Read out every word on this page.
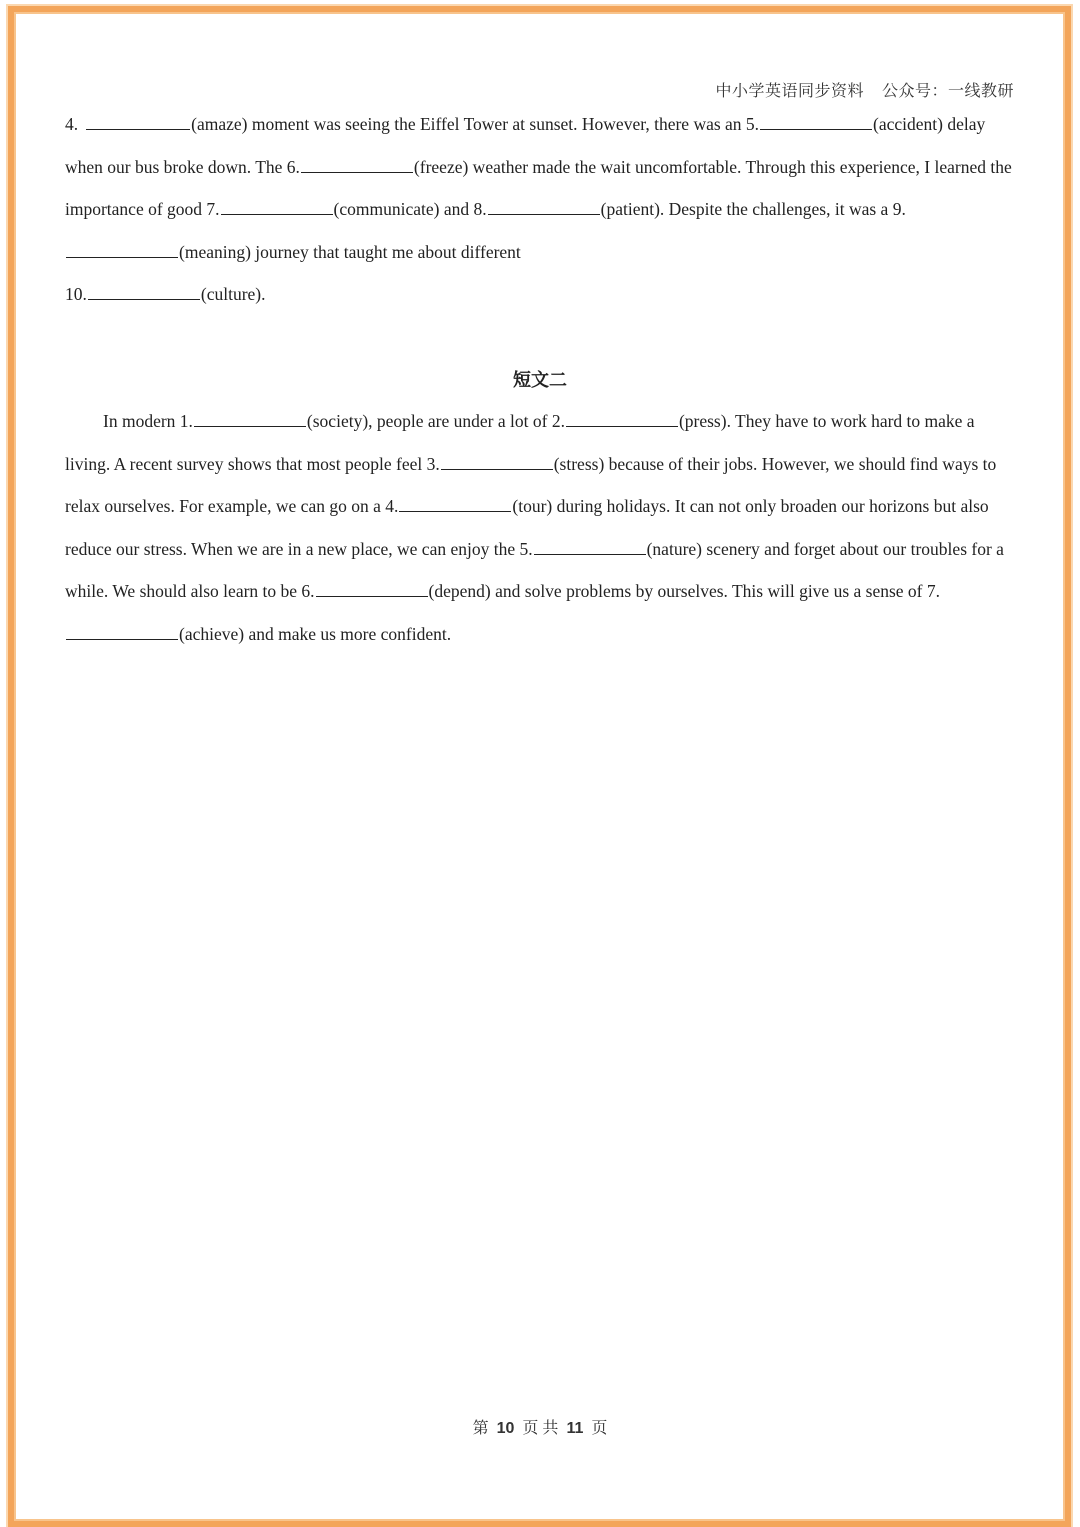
中小学英语同步资料    公众号：一线教研

4.	(amaze) moment was seeing the Eiffel Tower at sunset. However, there was an 5.	(accident) delay when our bus broke down. The 6.	(freeze) weather made the wait uncomfortable. Through this experience, I learned the importance of good 7.	(communicate) and 8.	(patient). Despite the challenges, it was a 9.(meaning) journey that taught me about different
10.	(culture).

短文二

In modern 1.	(society), people are under a lot of 2.	(press). They have to work hard to make a living. A recent survey shows that most people feel 3.	(stress) because of their jobs. However, we should find ways to relax ourselves. For example, we can go on a 4.	(tour) during holidays. It can not only broaden our horizons but also reduce our stress. When we are in a new place, we can enjoy the 5.	(nature) scenery and forget about our troubles for a while. We should also learn to be 6.	(depend) and solve problems by ourselves. This will give us a sense of 7.(achieve) and make us more confident.

第 10 页 共 11 页
